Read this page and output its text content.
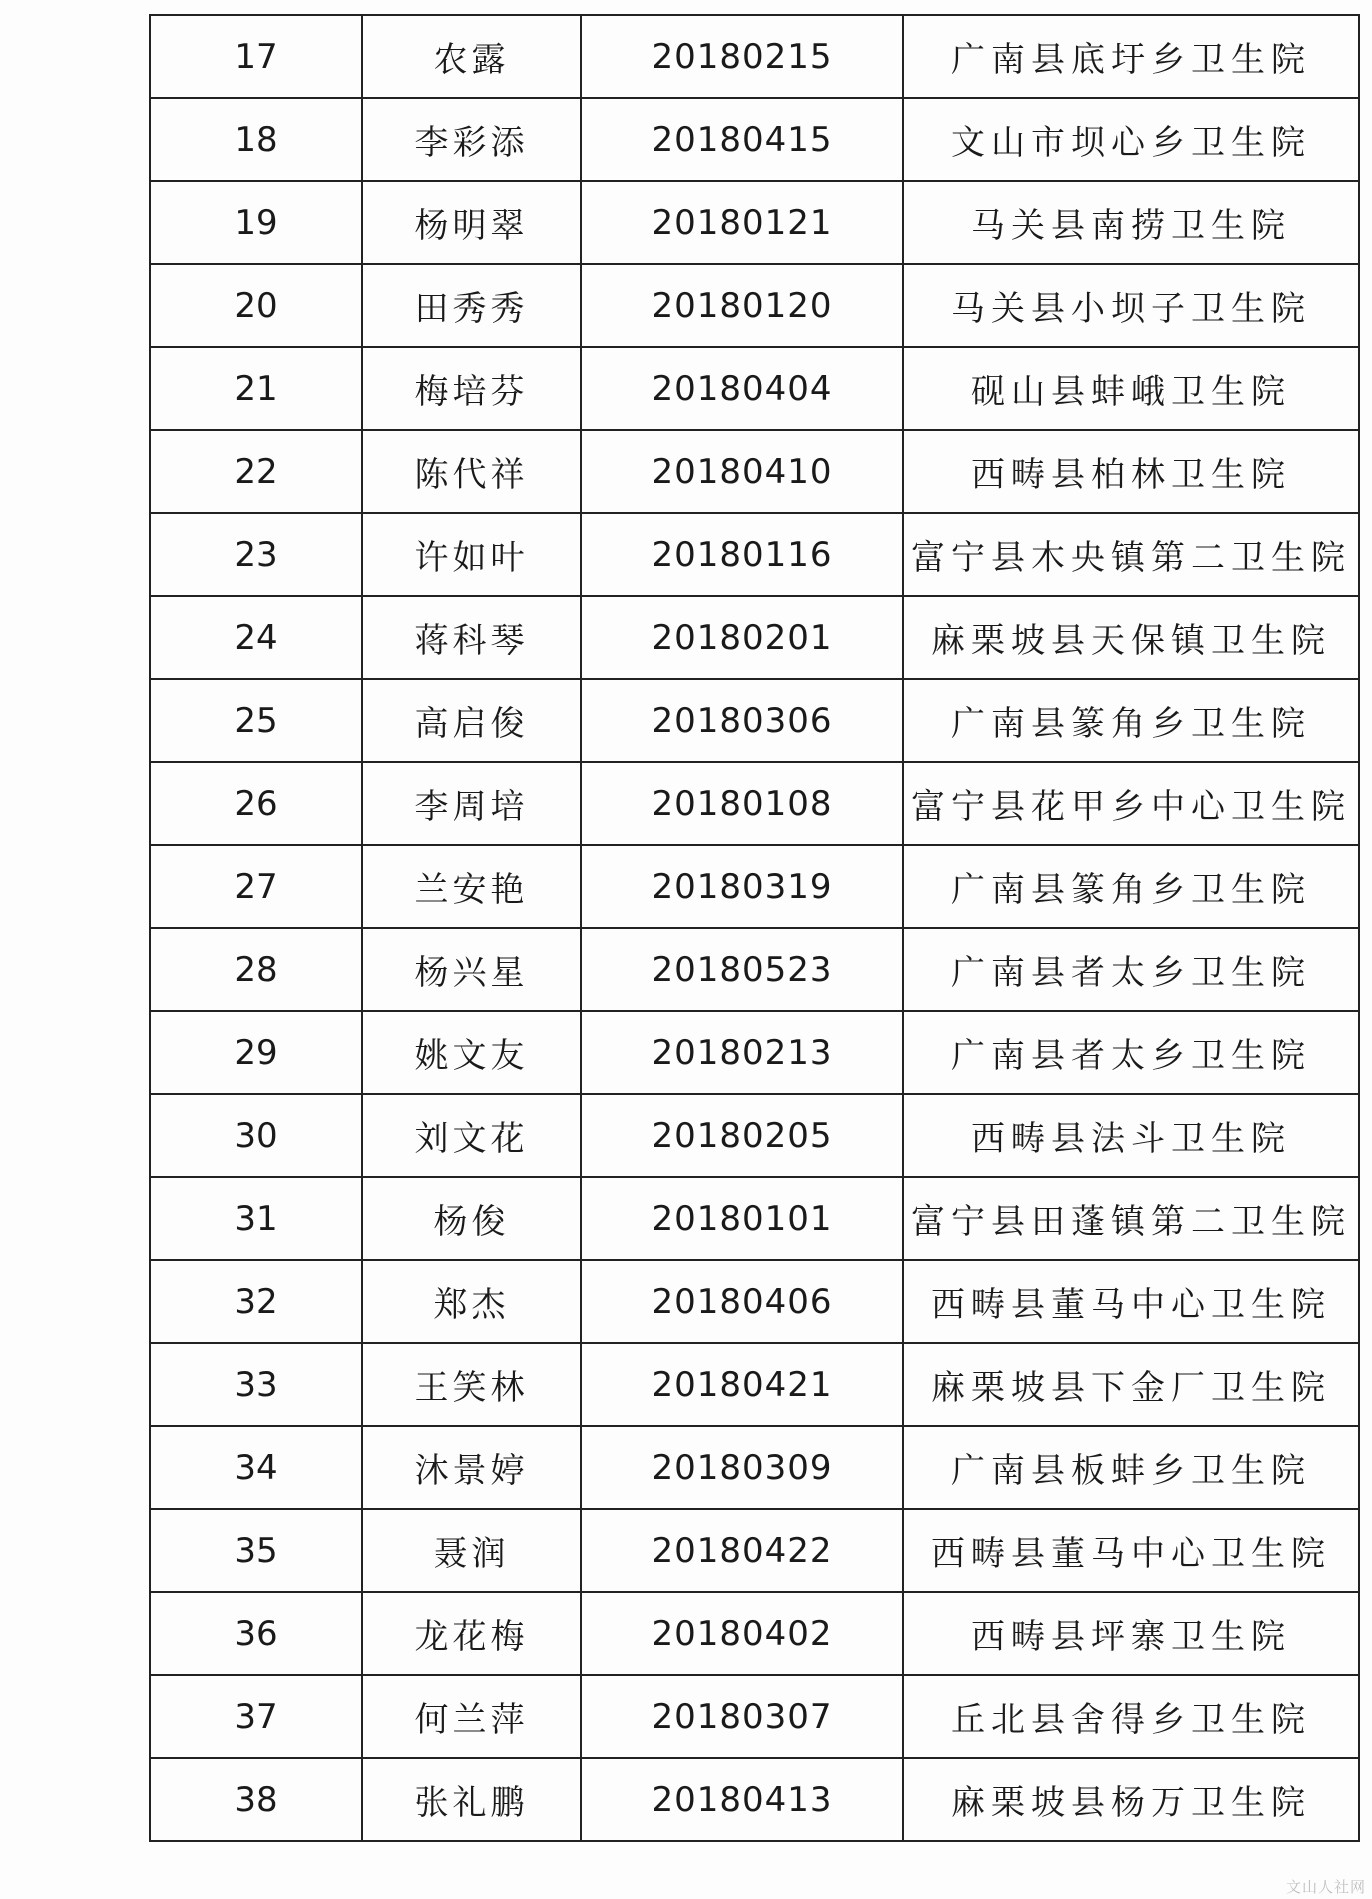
17	农露	20180215	广南县底圩乡卫生院
18	李彩添	20180415	文山市坝心乡卫生院
19	杨明翠	20180121	马关县南捞卫生院
20	田秀秀	20180120	马关县小坝子卫生院
21	梅培芬	20180404	砚山县蚌峨卫生院
22	陈代祥	20180410	西畴县柏林卫生院
23	许如叶	20180116	富宁县木央镇第二卫生院
24	蒋科琴	20180201	麻栗坡县天保镇卫生院
25	高启俊	20180306	广南县篆角乡卫生院
26	李周培	20180108	富宁县花甲乡中心卫生院
27	兰安艳	20180319	广南县篆角乡卫生院
28	杨兴星	20180523	广南县者太乡卫生院
29	姚文友	20180213	广南县者太乡卫生院
30	刘文花	20180205	西畴县法斗卫生院
31	杨俊	20180101	富宁县田蓬镇第二卫生院
32	郑杰	20180406	西畴县董马中心卫生院
33	王笑林	20180421	麻栗坡县下金厂卫生院
34	沐景婷	20180309	广南县板蚌乡卫生院
35	聂润	20180422	西畴县董马中心卫生院
36	龙花梅	20180402	西畴县坪寨卫生院
37	何兰萍	20180307	丘北县舍得乡卫生院
38	张礼鹏	20180413	麻栗坡县杨万卫生院
文山人社网
